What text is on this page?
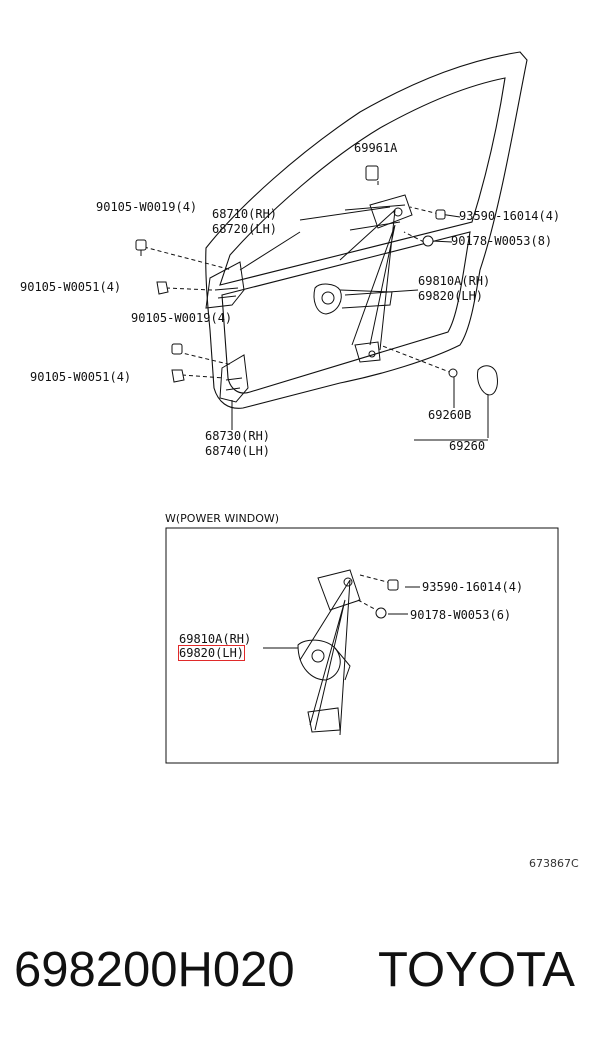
69961A
90105-W0019(4) 68710(RH)
68720(LH)
93590-16014(4)
90178-W0053(8)
90105-W0051(4)	69810A(RH)
69820(LH)
90105-W0019(4)
90105-W0051(4)
69260B
68730(RH)
68740(LH)	69260
W(POWER WINDOW)
93590-16014(4)
90178-W0053(6)
69810A(RH)
69820(LH)
673867C
698200H020 TOYOTA
